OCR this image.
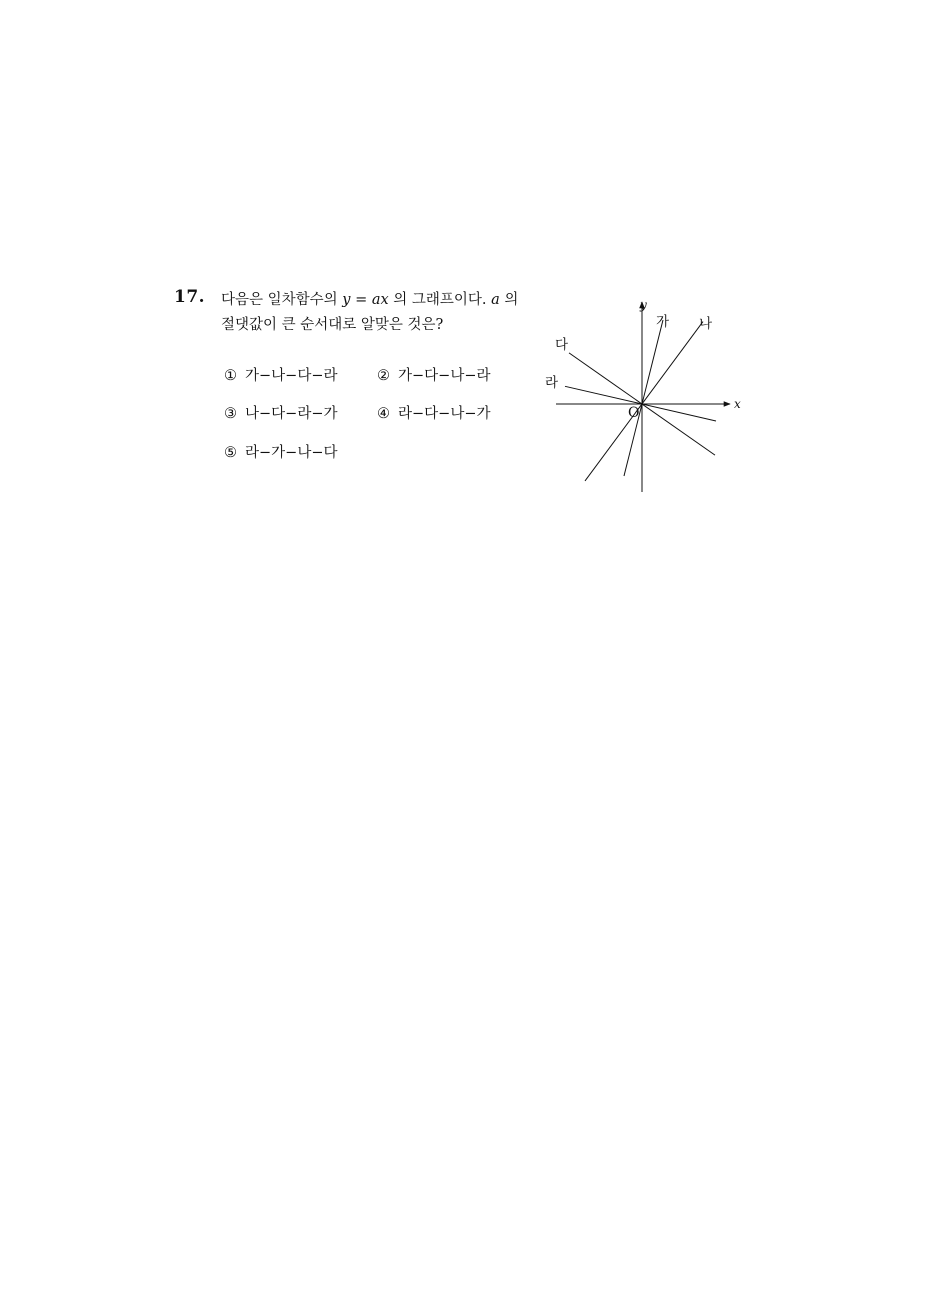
17. 다음은 일차함수의 y = ax 의 그래프이다. a 의
절댓값이 큰 순서대로 알맞은 것은?
① 가−나−다−라	② 가−다−나−라
③ 나−다−라−가	④ 라−다−나−가
⑤ 라−가−나−다
x
y
O
가 나
다
라
